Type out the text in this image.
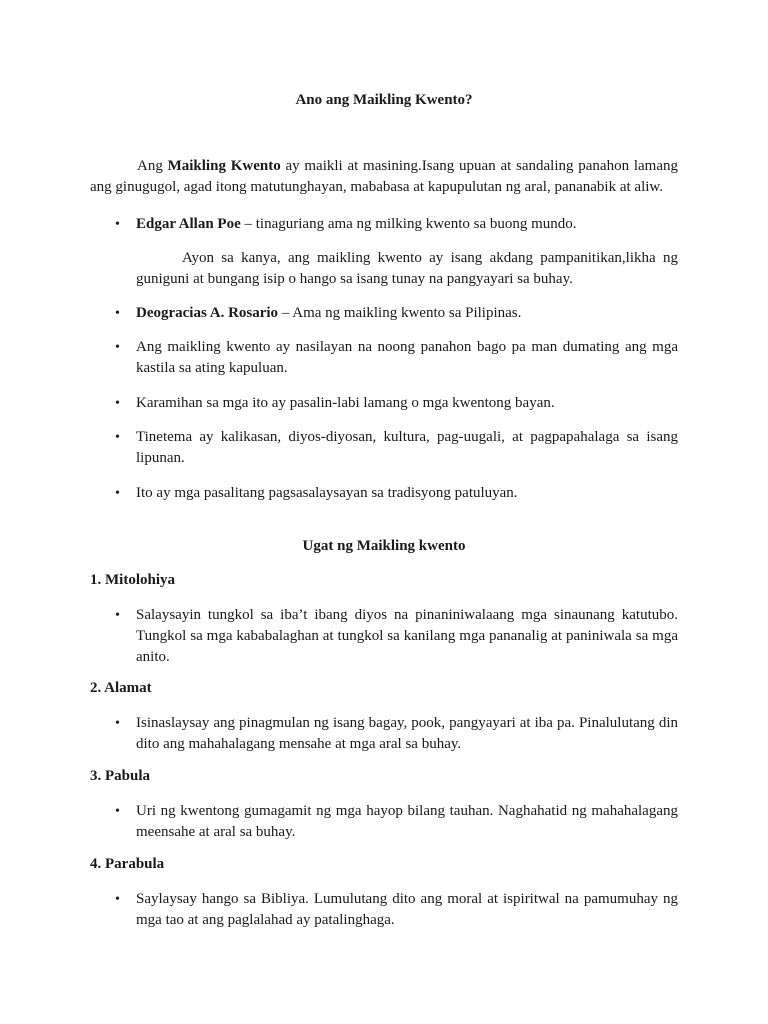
Ano ang Maikling Kwento?

Ang Maikling Kwento ay maikli at masining.Isang upuan at sandaling panahon lamang ang ginugugol, agad itong matutunghayan, mababasa at kapupulutan ng aral, pananabik at aliw.

•	Edgar Allan Poe – tinaguriang ama ng milking kwento sa buong mundo.

Ayon sa kanya, ang maikling kwento ay isang akdang pampanitikan,likha ng guniguni at bungang isip o hango sa isang tunay na pangyayari sa buhay.

•	Deogracias A. Rosario – Ama ng maikling kwento sa Pilipinas.
•	Ang maikling kwento ay nasilayan na noong panahon bago pa man dumating ang mga kastila sa ating kapuluan.
•	Karamihan sa mga ito ay pasalin-labi lamang o mga kwentong bayan.
•	Tinetema ay kalikasan, diyos-diyosan, kultura, pag-uugali, at pagpapahalaga sa isang lipunan.
•	Ito ay mga pasalitang pagsasalaysayan sa tradisyong patuluyan.

Ugat ng Maikling kwento

1. Mitolohiya

•	Salaysayin tungkol sa iba’t ibang diyos na pinaniniwalaang mga sinaunang katutubo. Tungkol sa mga kababalaghan at tungkol sa kanilang mga pananalig at paniniwala sa mga anito.

2. Alamat

•	Isinaslaysay ang pinagmulan ng isang bagay, pook, pangyayari at iba pa. Pinalulutang din dito ang mahahalagang mensahe at mga aral sa buhay.

3. Pabula

•	Uri ng kwentong gumagamit ng mga hayop bilang tauhan. Naghahatid ng mahahalagang meensahe at aral sa buhay.

4. Parabula

•	Saylaysay hango sa Bibliya. Lumulutang dito ang moral at ispiritwal na pamumuhay ng mga tao at ang paglalahad ay patalinghaga.
